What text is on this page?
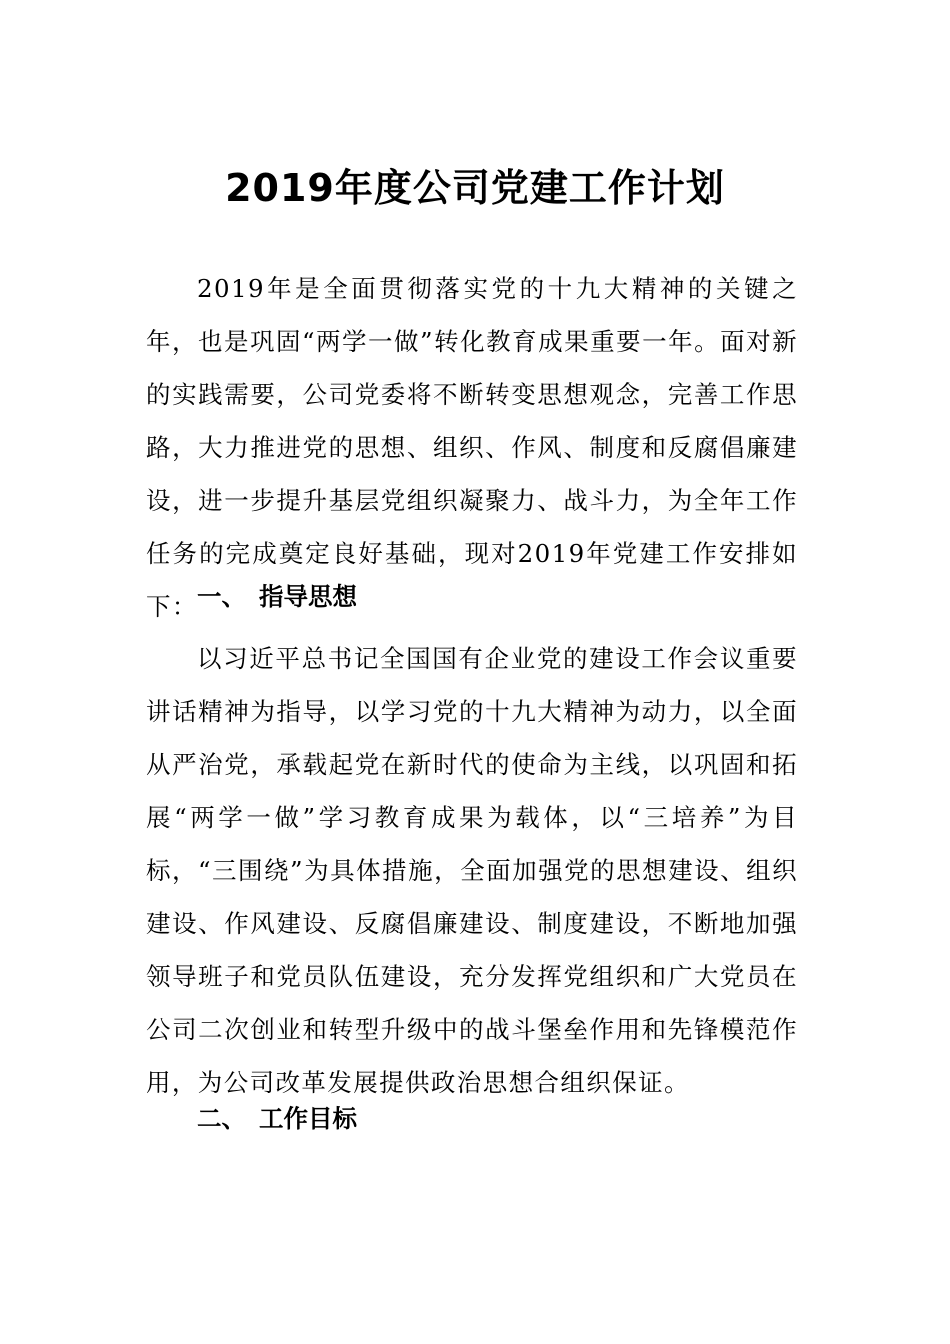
2019年度公司党建工作计划

2019年是全面贯彻落实党的十九大精神的关键之年，也是巩固“两学一做”转化教育成果重要一年。面对新的实践需要，公司党委将不断转变思想观念，完善工作思路，大力推进党的思想、组织、作风、制度和反腐倡廉建设，进一步提升基层党组织凝聚力、战斗力，为全年工作任务的完成奠定良好基础，现对2019年党建工作安排如下： 一、 指导思想

以习近平总书记全国国有企业党的建设工作会议重要讲话精神为指导，以学习党的十九大精神为动力，以全面从严治党，承载起党在新时代的使命为主线，以巩固和拓展“两学一做”学习教育成果为载体，以“三培养”为目标，“三围绕”为具体措施，全面加强党的思想建设、组织建设、作风建设、反腐倡廉建设、制度建设，不断地加强领导班子和党员队伍建设，充分发挥党组织和广大党员在公司二次创业和转型升级中的战斗堡垒作用和先锋模范作用，为公司改革发展提供政治思想合组织保证。

二、 工作目标
